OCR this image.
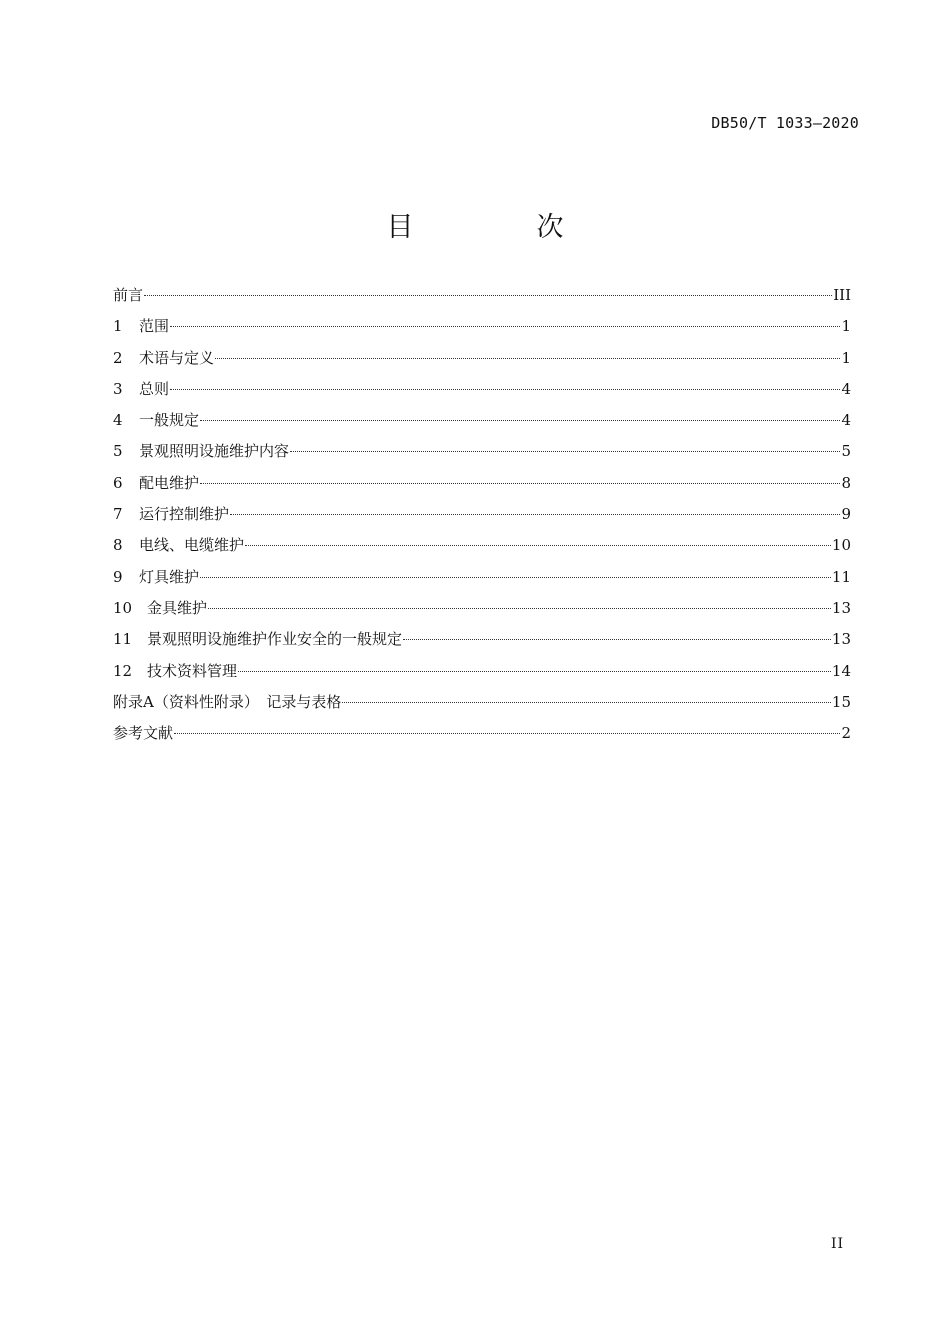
DB50/T 1033—2020
目　次
前言	III
1	范围	1
2	术语与定义	1
3	总则	4
4	一般规定	4
5	景观照明设施维护内容	5
6	配电维护	8
7	运行控制维护	9
8	电线、电缆维护	10
9	灯具维护	11
10 金具维护	13
11 景观照明设施维护作业安全的一般规定	13
12 技术资料管理	14
附录A（资料性附录）　记录与表格	15
参考文献	2
II
